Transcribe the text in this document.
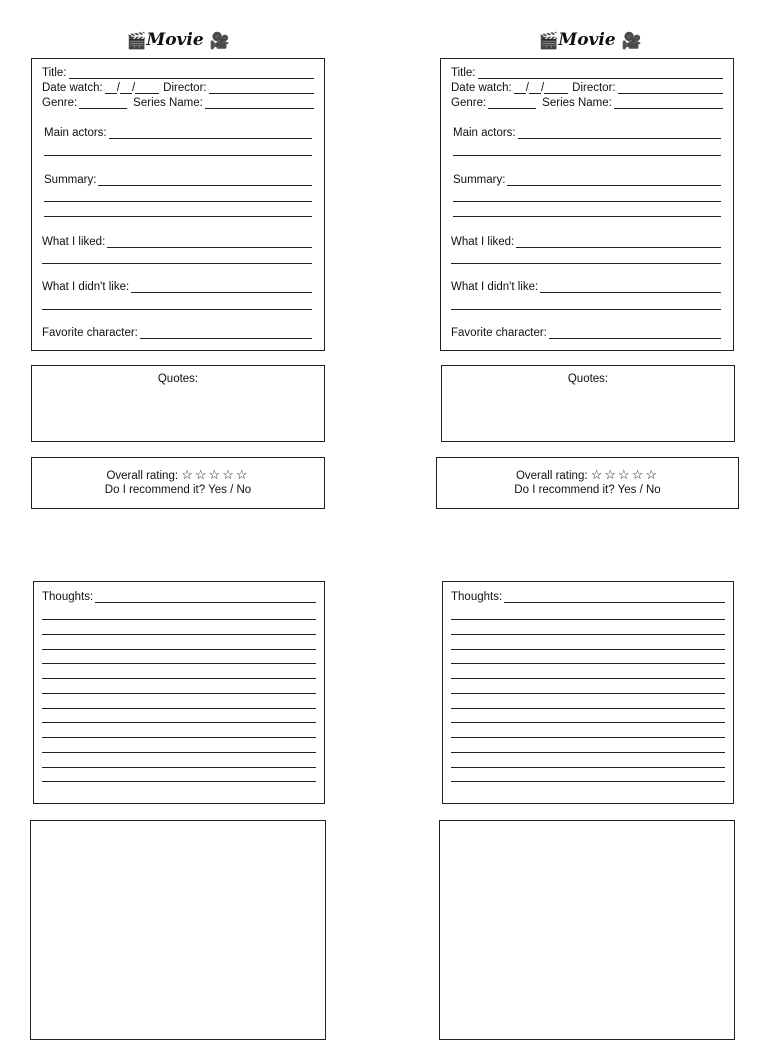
🎬Movie 🎥
Title:
Date watch: / /	Director:
Genre:	Series Name:
Main actors:
Summary:
What I liked:
What I didn't like:
Favorite character:
Quotes:
Overall rating: ☆☆☆☆☆
Do I recommend it? Yes / No
Thoughts:
🎬Movie 🎥
Title:
Date watch: / /	Director:
Genre:	Series Name:
Main actors:
Summary:
What I liked:
What I didn't like:
Favorite character:
Quotes:
Overall rating: ☆☆☆☆☆
Do I recommend it? Yes / No
Thoughts:
